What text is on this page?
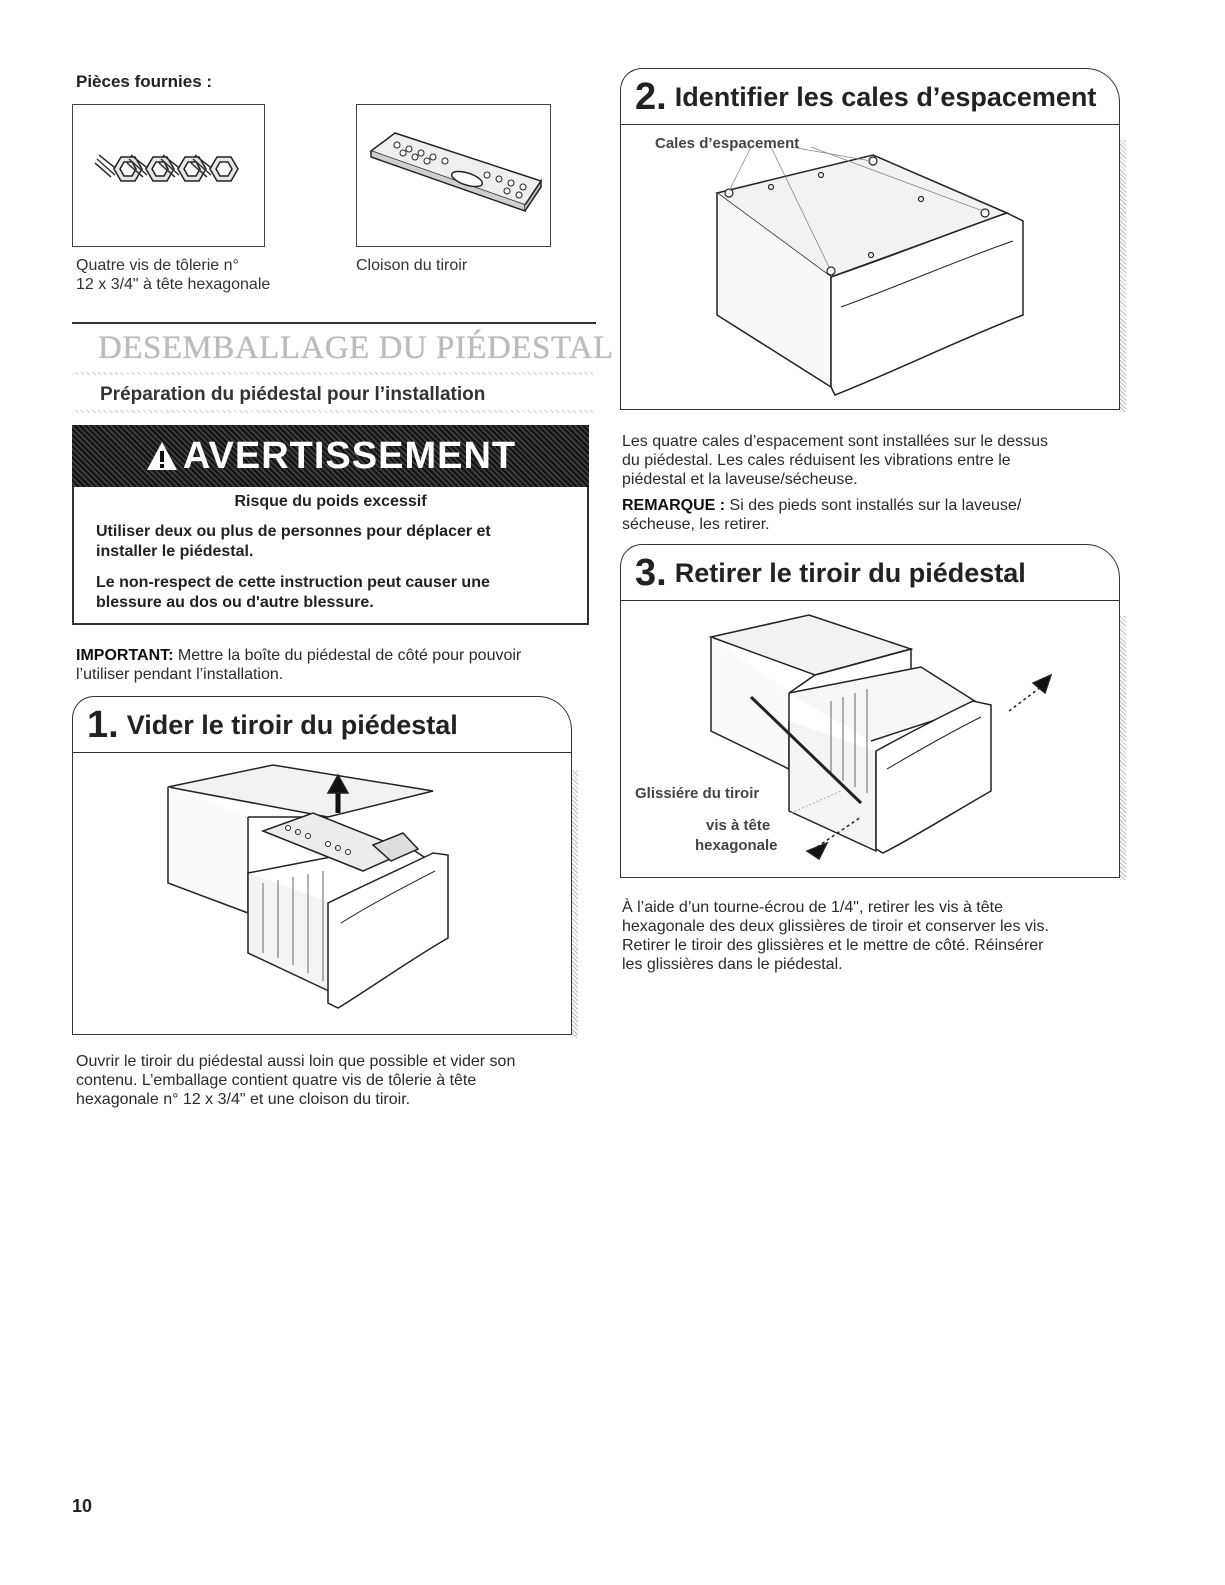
Pièces fournies :
Quatre vis de tôlerie n°
12 x 3/4" à tête hexagonale
Cloison du tiroir
DESEMBALLAGE DU PIÉDESTAL
Préparation du piédestal pour l’installation
AVERTISSEMENT
Risque du poids excessif
Utiliser deux ou plus de personnes pour déplacer et
installer le piédestal.
Le non-respect de cette instruction peut causer une
blessure au dos ou d'autre blessure.
IMPORTANT: Mettre la boîte du piédestal de côté pour pouvoir
l’utiliser pendant l’installation.
1. Vider le tiroir du piédestal
Ouvrir le tiroir du piédestal aussi loin que possible et vider son
contenu. L’emballage contient quatre vis de tôlerie à tête
hexagonale n° 12 x 3/4" et une cloison du tiroir.
2. Identifier les cales d’espacement
Cales d’espacement
Les quatre cales d’espacement sont installées sur le dessus
du piédestal. Les cales réduisent les vibrations entre le
piédestal et la laveuse/sécheuse.
REMARQUE : Si des pieds sont installés sur la laveuse/
sécheuse, les retirer.
3. Retirer le tiroir du piédestal
Glissiére du tiroir
vis à tête
hexagonale
À l’aide d’un tourne-écrou de 1/4", retirer les vis à tête
hexagonale des deux glissières de tiroir et conserver les vis.
Retirer le tiroir des glissières et le mettre de côté. Réinsérer
les glissières dans le piédestal.
10
